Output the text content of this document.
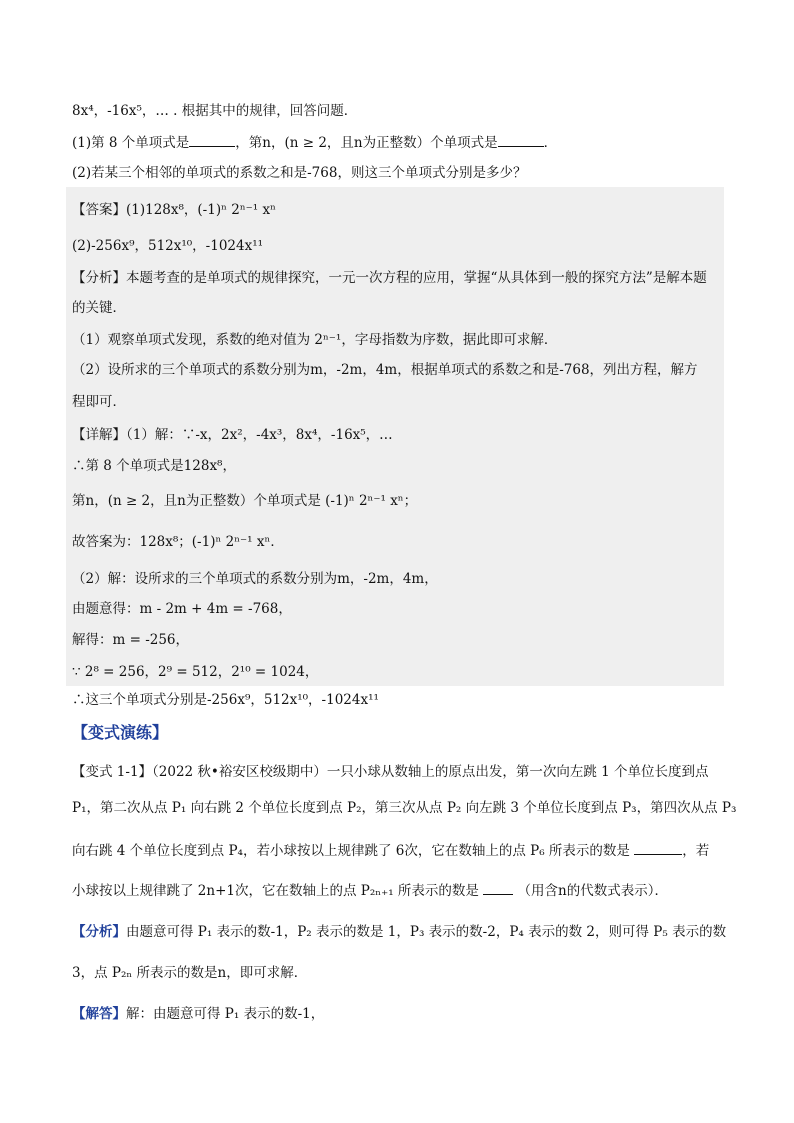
8x⁴，-16x⁵，… . 根据其中的规律，回答问题．
(1)第 8 个单项式是	，第n，(n ≥ 2，且n为正整数）个单项式是	．
(2)若某三个相邻的单项式的系数之和是-768，则这三个单项式分别是多少？
【答案】(1)128x⁸，(-1)ⁿ 2ⁿ⁻¹ xⁿ
(2)-256x⁹，512x¹⁰，-1024x¹¹
【分析】本题考查的是单项式的规律探究，一元一次方程的应用，掌握“从具体到一般的探究方法”是解本题
的关键．
（1）观察单项式发现，系数的绝对值为 2ⁿ⁻¹，字母指数为序数，据此即可求解．
（2）设所求的三个单项式的系数分别为m，-2m，4m，根据单项式的系数之和是-768，列出方程，解方
程即可．
【详解】（1）解：∵-x，2x²，-4x³，8x⁴，-16x⁵，…
∴第 8 个单项式是128x⁸，
第n，(n ≥ 2，且n为正整数）个单项式是 (-1)ⁿ 2ⁿ⁻¹ xⁿ；
故答案为：128x⁸；(-1)ⁿ 2ⁿ⁻¹ xⁿ．
（2）解：设所求的三个单项式的系数分别为m，-2m，4m，
由题意得：m - 2m + 4m = -768，
解得：m = -256，
∵ 2⁸ = 256，2⁹ = 512，2¹⁰ = 1024，
∴这三个单项式分别是-256x⁹，512x¹⁰，-1024x¹¹
【变式演练】
【变式 1-1】（2022 秋•裕安区校级期中）一只小球从数轴上的原点出发，第一次向左跳 1 个单位长度到点
P₁，第二次从点 P₁ 向右跳 2 个单位长度到点 P₂，第三次从点 P₂ 向左跳 3 个单位长度到点 P₃，第四次从点 P₃
向右跳 4 个单位长度到点 P₄，若小球按以上规律跳了 6次，它在数轴上的点 P₆ 所表示的数是	，若
小球按以上规律跳了 2n+1次，它在数轴上的点 P₂ₙ₊₁ 所表示的数是	（用含n的代数式表示）．
【分析】由题意可得 P₁ 表示的数-1，P₂ 表示的数是 1，P₃ 表示的数-2，P₄ 表示的数 2，则可得 P₅ 表示的数
3，点 P₂ₙ 所表示的数是n，即可求解．
【解答】解：由题意可得 P₁ 表示的数-1，
